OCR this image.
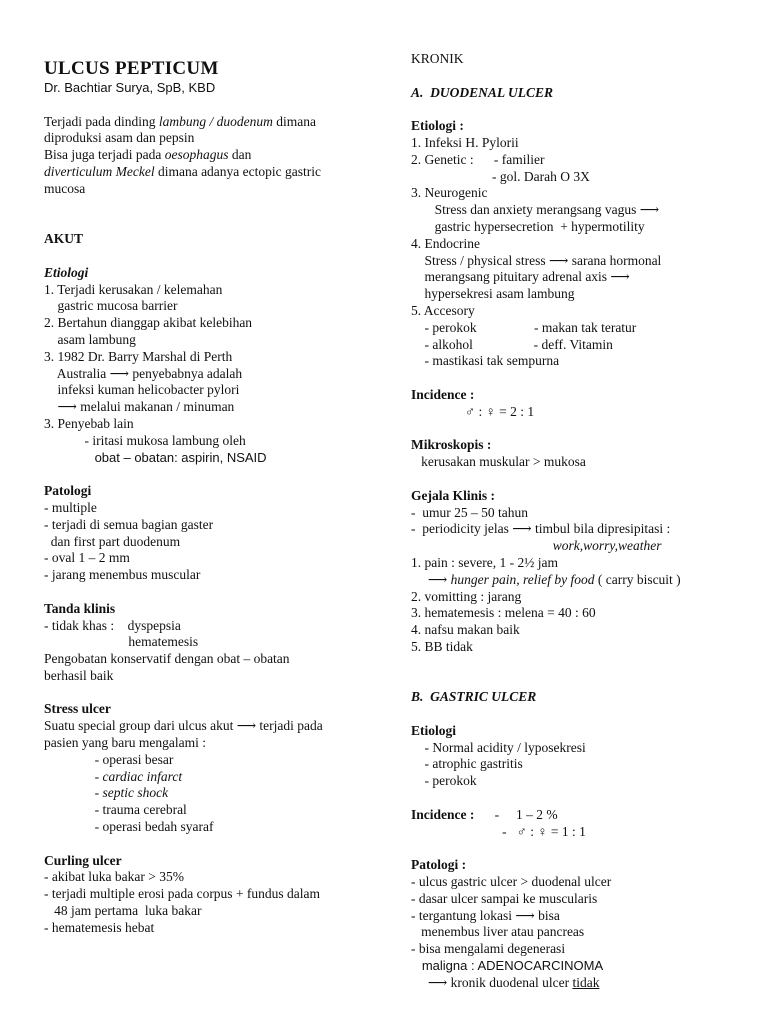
ULCUS PEPTICUM
Dr. Bachtiar Surya, SpB, KBD
Terjadi pada dinding lambung / duodenum dimana
diproduksi asam dan pepsin
Bisa juga terjadi pada oesophagus dan
diverticulum Meckel dimana adanya ectopic gastric
mucosa
AKUT
Etiologi
1. Terjadi kerusakan / kelemahan
gastric mucosa barrier
2. Bertahun dianggap akibat kelebihan
asam lambung
3. 1982 Dr. Barry Marshal di Perth
Australia ⟶ penyebabnya adalah
infeksi kuman helicobacter pylori
⟶ melalui makanan / minuman
3. Penyebab lain
- iritasi mukosa lambung oleh
obat – obatan: aspirin, NSAID
Patologi
- multiple
- terjadi di semua bagian gaster
dan first part duodenum
- oval 1 – 2 mm
- jarang menembus muscular
Tanda klinis
- tidak khas :    dyspepsia
hematemesis
Pengobatan konservatif dengan obat – obatan
berhasil baik
Stress ulcer
Suatu special group dari ulcus akut ⟶ terjadi pada
pasien yang baru mengalami :
- operasi besar
- cardiac infarct
- septic shock
- trauma cerebral
- operasi bedah syaraf
Curling ulcer
- akibat luka bakar > 35%
- terjadi multiple erosi pada corpus + fundus dalam
48 jam pertama  luka bakar
- hematemesis hebat
KRONIK
A.  DUODENAL ULCER
Etiologi :
1. Infeksi H. Pylorii
2. Genetic :      - familier
- gol. Darah O 3X
3. Neurogenic
Stress dan anxiety merangsang vagus ⟶
gastric hypersecretion  + hypermotility
4. Endocrine
Stress / physical stress ⟶ sarana hormonal
merangsang pituitary adrenal axis ⟶
hypersekresi asam lambung
5. Accesory
- perokok                 - makan tak teratur
- alkohol                  - deff. Vitamin
- mastikasi tak sempurna
Incidence :
♂ : ♀ = 2 : 1
Mikroskopis :
kerusakan muskular > mukosa
Gejala Klinis :
-  umur 25 – 50 tahun
-  periodicity jelas ⟶ timbul bila dipresipitasi :
work,worry,weather
1. pain : severe, 1 - 2½ jam
⟶ hunger pain, relief by food ( carry biscuit )
2. vomitting : jarang
3. hematemesis : melena = 40 : 60
4. nafsu makan baik
5. BB tidak
B.  GASTRIC ULCER
Etiologi
- Normal acidity / lyposekresi
- atrophic gastritis
- perokok
Incidence :      -     1 – 2 %
-   ♂ : ♀ = 1 : 1
Patologi :
- ulcus gastric ulcer > duodenal ulcer
- dasar ulcer sampai ke muscularis
- tergantung lokasi ⟶ bisa
menembus liver atau pancreas
- bisa mengalami degenerasi
maligna : ADENOCARCINOMA
⟶ kronik duodenal ulcer tidak
